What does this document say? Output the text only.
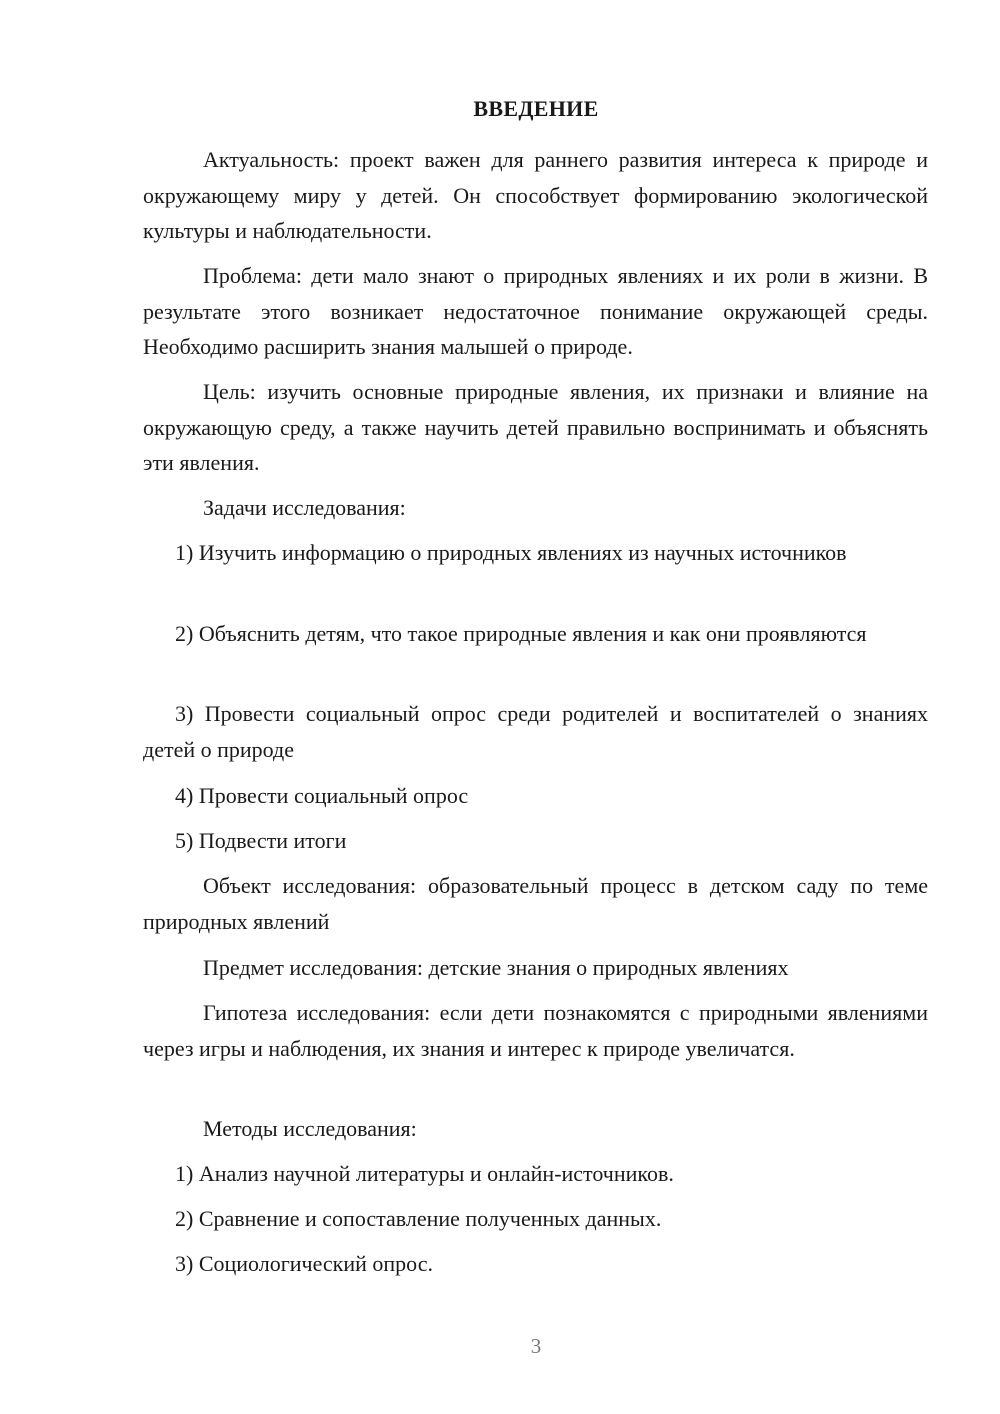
ВВЕДЕНИЕ

Актуальность: проект важен для раннего развития интереса к природе и окружающему миру у детей. Он способствует формированию экологической культуры и наблюдательности.

Проблема: дети мало знают о природных явлениях и их роли в жизни. В результате этого возникает недостаточное понимание окружающей среды. Необходимо расширить знания малышей о природе.

Цель: изучить основные природные явления, их признаки и влияние на окружающую среду, а также научить детей правильно воспринимать и объяснять эти явления.

Задачи исследования:

1) Изучить информацию о природных явлениях из научных источников

2) Объяснить детям, что такое природные явления и как они проявляются

3) Провести социальный опрос среди родителей и воспитателей о знаниях детей о природе

4) Провести социальный опрос

5) Подвести итоги

Объект исследования: образовательный процесс в детском саду по теме природных явлений

Предмет исследования: детские знания о природных явлениях

Гипотеза исследования: если дети познакомятся с природными явлениями через игры и наблюдения, их знания и интерес к природе увеличатся.

Методы исследования:

1) Анализ научной литературы и онлайн-источников.

2) Сравнение и сопоставление полученных данных.

3) Социологический опрос.

3
